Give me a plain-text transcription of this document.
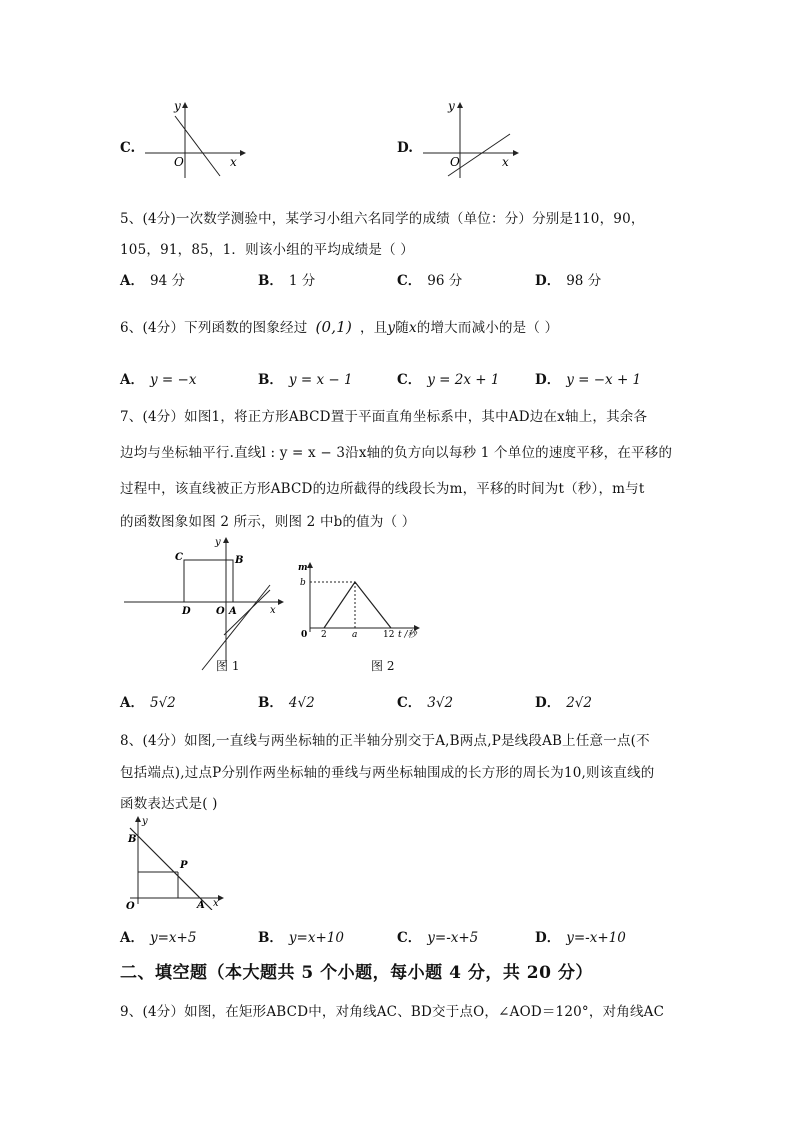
C.
y
x
O
D.
y
x
O
5、(4分)一次数学测验中，某学习小组六名同学的成绩（单位：分）分别是110，90，
105，91，85，1．则该小组的平均成绩是（ ）
A． 94 分	B． 1 分	C． 96 分	D． 98 分
6、(4分）下列函数的图象经过 (0,1) ，且y随x的增大而减小的是（ ）
A． y = −x	B． y = x − 1	C． y = 2x + 1	D． y = −x + 1
7、(4分）如图1，将正方形ABCD置于平面直角坐标系中，其中AD边在x轴上，其余各
边均与坐标轴平行.直线l : y = x − 3沿x轴的负方向以每秒 1 个单位的速度平移，在平移的
过程中，该直线被正方形ABCD的边所截得的线段长为m，平移的时间为t（秒），m与t
的函数图象如图 2 所示，则图 2 中b的值为（ ）
C	B
D	O A	x
y
图 1
m
b
0 2	a	12 t /秒
图 2
A． 5√2	B． 4√2	C． 3√2	D． 2√2
8、(4分）如图,一直线与两坐标轴的正半轴分别交于A,B两点,P是线段AB上任意一点(不
包括端点),过点P分别作两坐标轴的垂线与两坐标轴围成的长方形的周长为10,则该直线的
函数表达式是( )
y
B
P
O	A x
A． y=x+5	B． y=x+10	C． y=-x+5	D． y=-x+10
二、填空题（本大题共 5 个小题，每小题 4 分，共 20 分）
9、(4分）如图，在矩形ABCD中，对角线AC、BD交于点O，∠AOD＝120°，对角线AC
